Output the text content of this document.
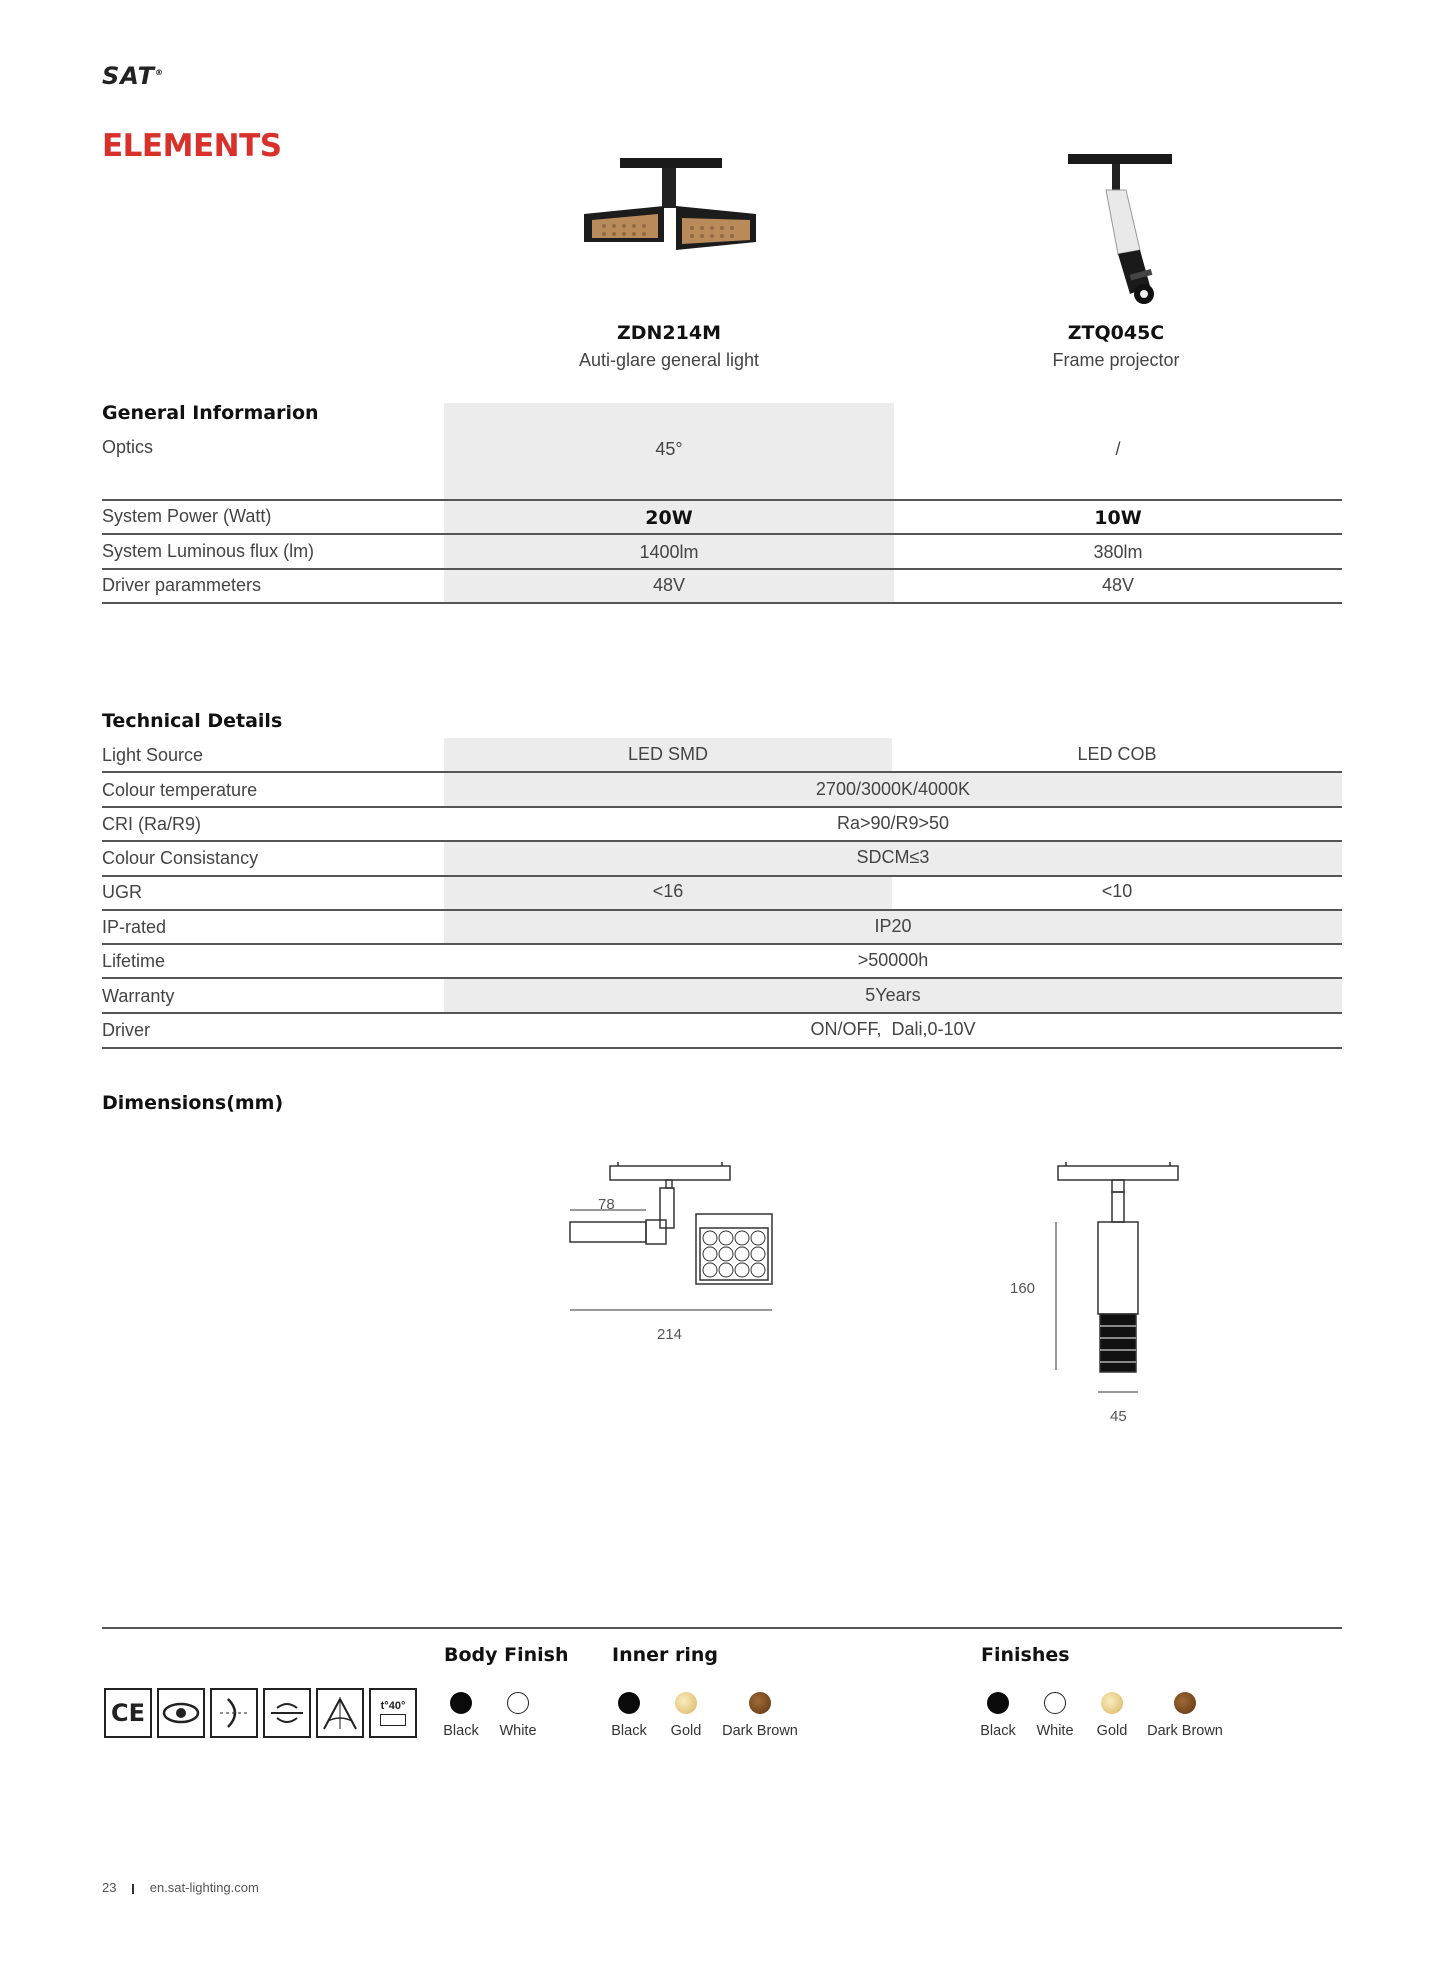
SAT®
ELEMENTS
ZDN214M
Auti-glare general light
ZTQ045C
Frame projector
General Informarion
Optics	45°	/
System Power (Watt)	20W	10W
System Luminous flux (lm)	1400lm	380lm
Driver parammeters	48V	48V
Technical Details
Light Source	LED SMD	LED COB
Colour temperature	2700/3000K/4000K
CRI (Ra/R9)	Ra>90/R9>50
Colour Consistancy	SDCM≤3
UGR	<16	<10
IP-rated	IP20
Lifetime	>50000h
Warranty	5Years
Driver	ON/OFF,  Dali,0-10V
Dimensions(mm)
78
214
160
45
CE	t°40°
Body Finish
Black	White
Inner ring
Black	Gold	Dark Brown
Finishes
Black	White	Gold	Dark Brown
23	en.sat-lighting.com
